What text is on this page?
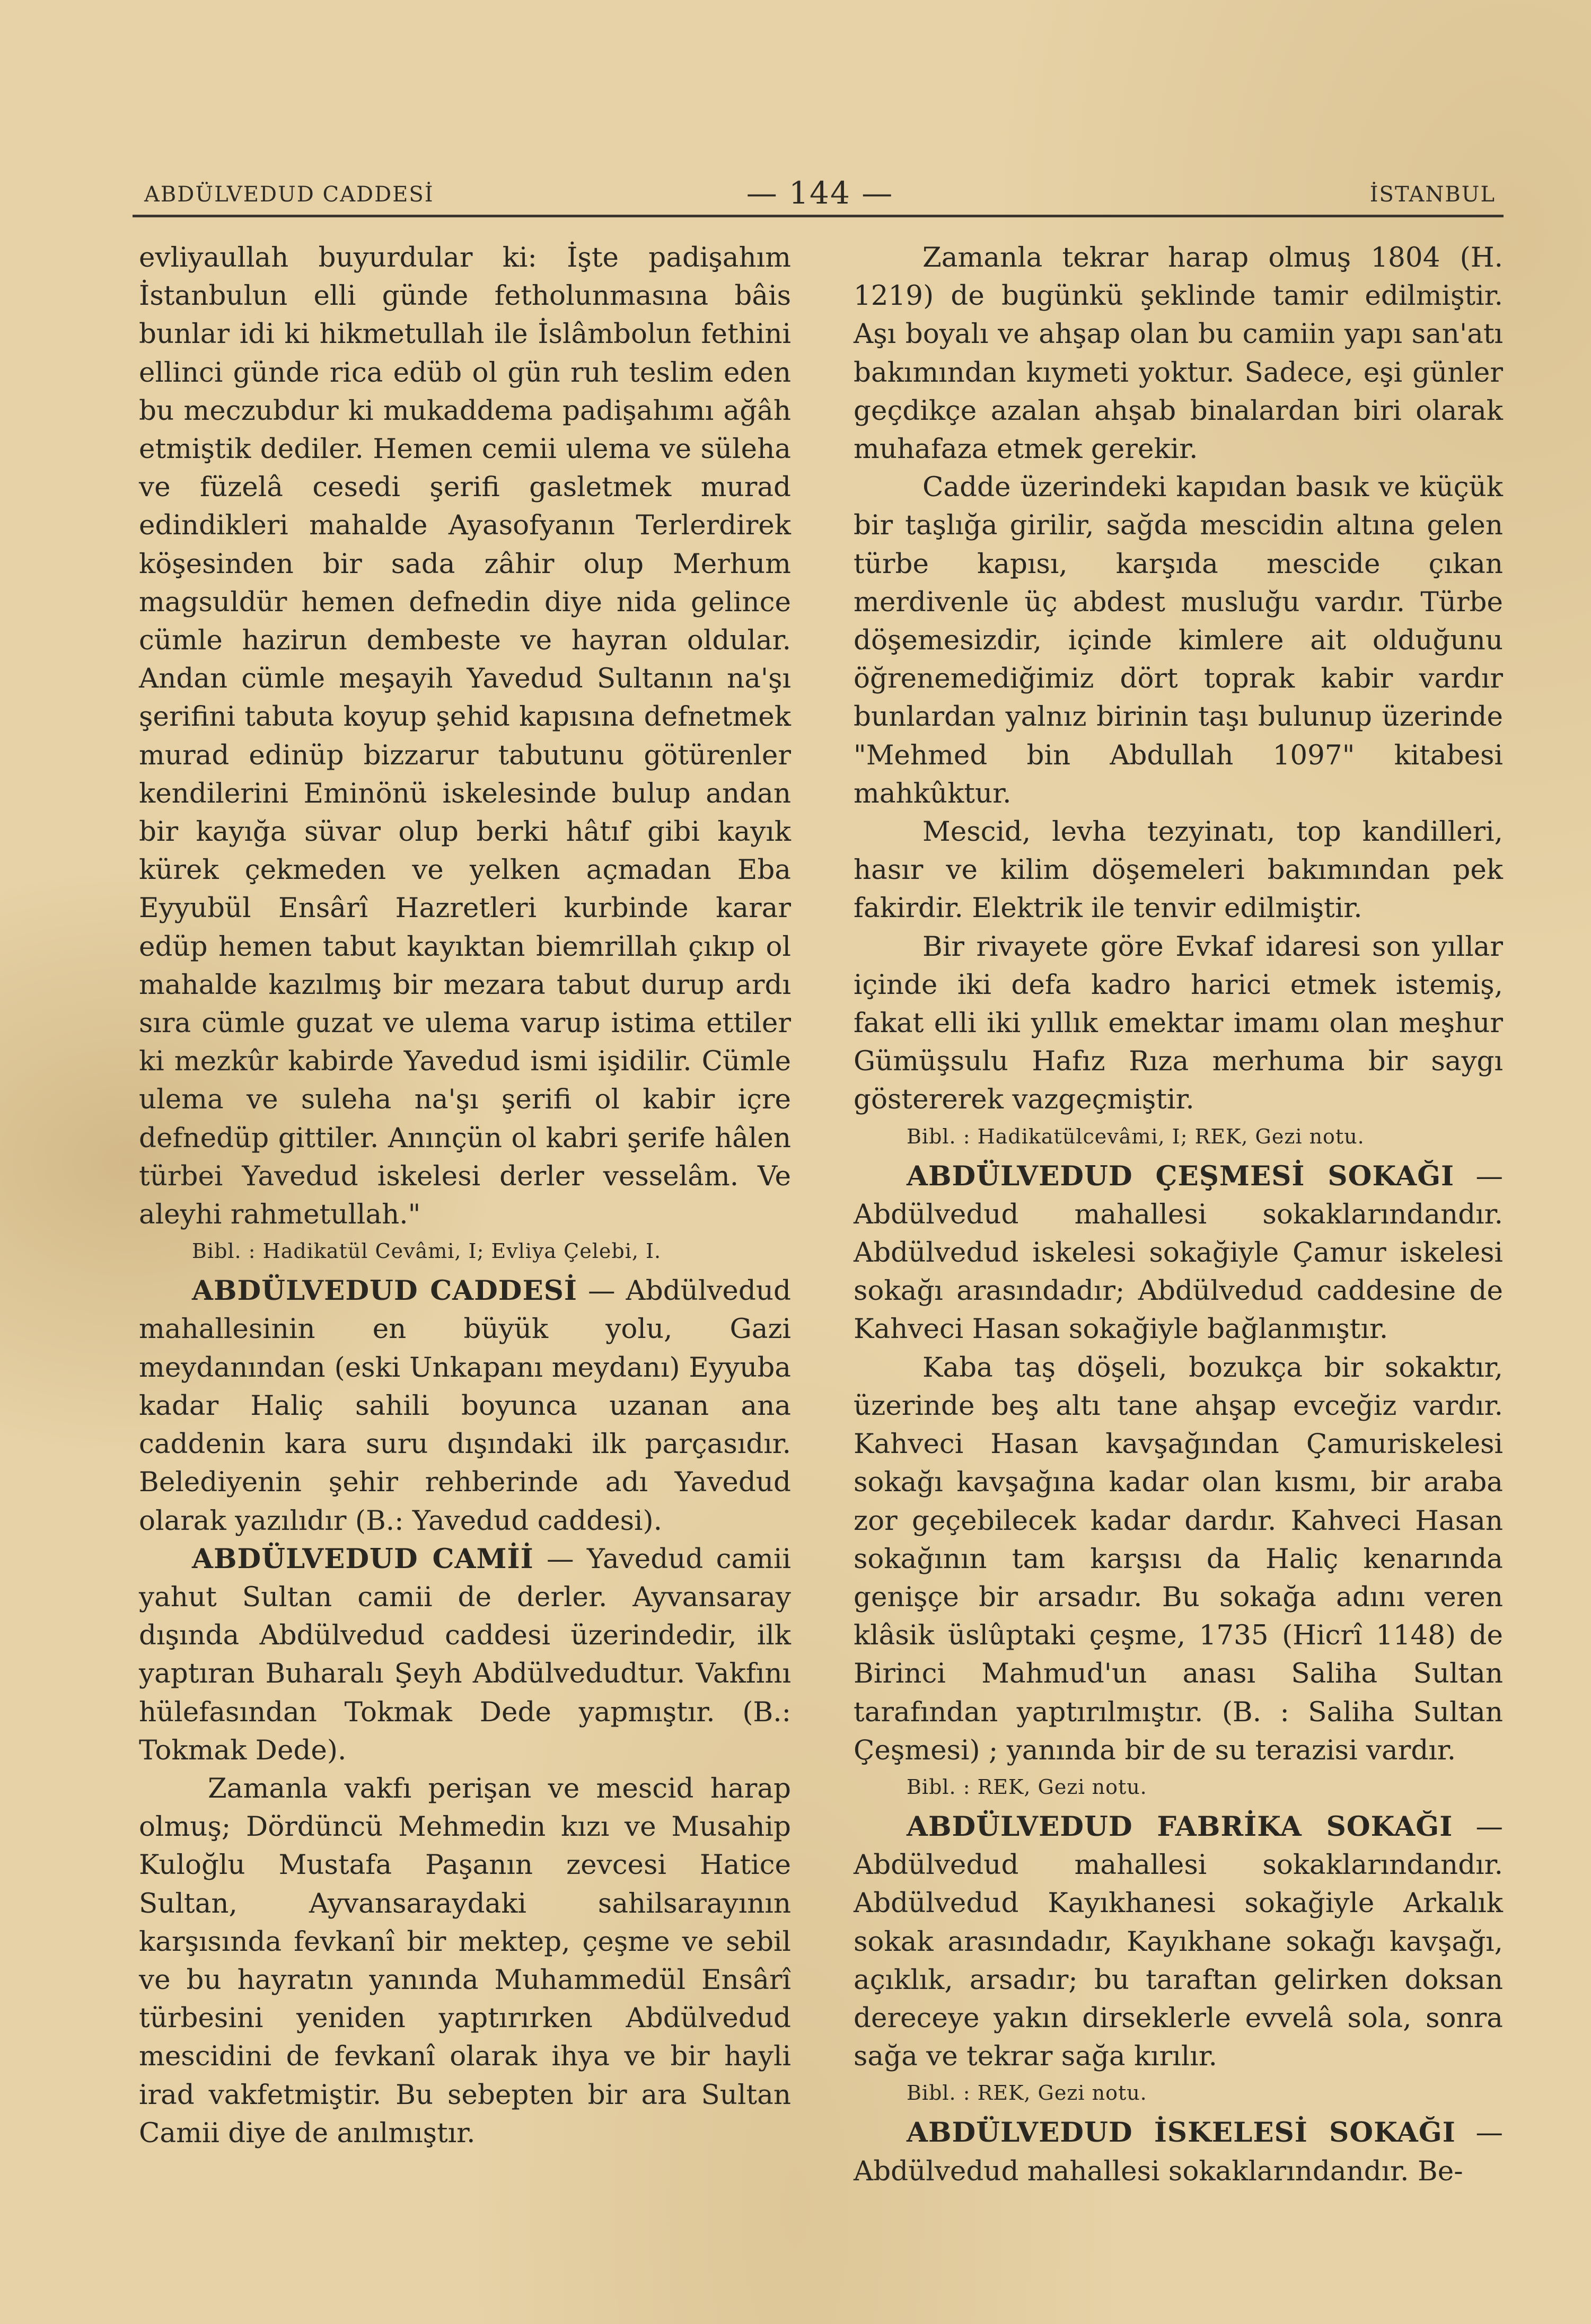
ABDÜLVEDUD CADDESİ	— 144 —	İSTANBUL

evliyaullah buyurdular ki: İşte padişahım İstanbulun elli günde fetholunmasına bâis bunlar idi ki hikmetullah ile İslâmbolun fethini ellinci günde rica edüb ol gün ruh teslim eden bu meczubdur ki mukaddema padişahımı ağâh etmiştik dediler. Hemen cemii ulema ve süleha ve füzelâ cesedi şerifi gasletmek murad edindikleri mahalde Ayasofyanın Terlerdirek köşesinden bir sada zâhir olup Merhum magsuldür hemen defnedin diye nida gelince cümle hazirun dembeste ve hayran oldular. Andan cümle meşayih Yavedud Sultanın na'şı şerifini tabuta koyup şehid kapısına defnetmek murad edinüp bizzarur tabutunu götürenler kendilerini Eminönü iskelesinde bulup andan bir kayığa süvar olup berki hâtıf gibi kayık kürek çekmeden ve yelken açmadan Eba Eyyubül Ensârî Hazretleri kurbinde karar edüp hemen tabut kayıktan biemrillah çıkıp ol mahalde kazılmış bir mezara tabut durup ardı sıra cümle guzat ve ulema varup istima ettiler ki mezkûr kabirde Yavedud ismi işidilir. Cümle ulema ve suleha na'şı şerifi ol kabir içre defnedüp gittiler. Anınçün ol kabri şerife hâlen türbei Yavedud iskelesi derler vesselâm. Ve aleyhi rahmetullah."

Bibl. : Hadikatül Cevâmi, I; Evliya Çelebi, I.

ABDÜLVEDUD CADDESİ — Abdülvedud mahallesinin en büyük yolu, Gazi meydanından (eski Unkapanı meydanı) Eyyuba kadar Haliç sahili boyunca uzanan ana caddenin kara suru dışındaki ilk parçasıdır. Belediyenin şehir rehberinde adı Yavedud olarak yazılıdır (B.: Yavedud caddesi).

ABDÜLVEDUD CAMİİ — Yavedud camii yahut Sultan camii de derler. Ayvansaray dışında Abdülvedud caddesi üzerindedir, ilk yaptıran Buharalı Şeyh Abdülvedudtur. Vakfını hülefasından Tokmak Dede yapmıştır. (B.: Tokmak Dede).

Zamanla vakfı perişan ve mescid harap olmuş; Dördüncü Mehmedin kızı ve Musahip Kuloğlu Mustafa Paşanın zevcesi Hatice Sultan, Ayvansaraydaki sahilsarayının karşısında fevkanî bir mektep, çeşme ve sebil ve bu hayratın yanında Muhammedül Ensârî türbesini yeniden yaptırırken Abdülvedud mescidini de fevkanî olarak ihya ve bir hayli irad vakfetmiştir. Bu sebepten bir ara Sultan Camii diye de anılmıştır.

Zamanla tekrar harap olmuş 1804 (H. 1219) de bugünkü şeklinde tamir edilmiştir. Aşı boyalı ve ahşap olan bu camiin yapı san'atı bakımından kıymeti yoktur. Sadece, eşi günler geçdikçe azalan ahşab binalardan biri olarak muhafaza etmek gerekir.

Cadde üzerindeki kapıdan basık ve küçük bir taşlığa girilir, sağda mescidin altına gelen türbe kapısı, karşıda mescide çıkan merdivenle üç abdest musluğu vardır. Türbe döşemesizdir, içinde kimlere ait olduğunu öğrenemediğimiz dört toprak kabir vardır bunlardan yalnız birinin taşı bulunup üzerinde "Mehmed bin Abdullah 1097" kitabesi mahkûktur.

Mescid, levha tezyinatı, top kandilleri, hasır ve kilim döşemeleri bakımından pek fakirdir. Elektrik ile tenvir edilmiştir.

Bir rivayete göre Evkaf idaresi son yıllar içinde iki defa kadro harici etmek istemiş, fakat elli iki yıllık emektar imamı olan meşhur Gümüşsulu Hafız Rıza merhuma bir saygı göstererek vazgeçmiştir.

Bibl. : Hadikatülcevâmi, I; REK, Gezi notu.

ABDÜLVEDUD ÇEŞMESİ SOKAĞI — Abdülvedud mahallesi sokaklarındandır. Abdülvedud iskelesi sokağiyle Çamur iskelesi sokağı arasındadır; Abdülvedud caddesine de Kahveci Hasan sokağiyle bağlanmıştır.

Kaba taş döşeli, bozukça bir sokaktır, üzerinde beş altı tane ahşap evceğiz vardır. Kahveci Hasan kavşağından Çamuriskelesi sokağı kavşağına kadar olan kısmı, bir araba zor geçebilecek kadar dardır. Kahveci Hasan sokağının tam karşısı da Haliç kenarında genişçe bir arsadır. Bu sokağa adını veren klâsik üslûptaki çeşme, 1735 (Hicrî 1148) de Birinci Mahmud'un anası Saliha Sultan tarafından yaptırılmıştır. (B. : Saliha Sultan Çeşmesi) ; yanında bir de su terazisi vardır.

Bibl. : REK, Gezi notu.

ABDÜLVEDUD FABRİKA SOKAĞI — Abdülvedud mahallesi sokaklarındandır. Abdülvedud Kayıkhanesi sokağiyle Arkalık sokak arasındadır, Kayıkhane sokağı kavşağı, açıklık, arsadır; bu taraftan gelirken doksan dereceye yakın dirseklerle evvelâ sola, sonra sağa ve tekrar sağa kırılır.

Bibl. : REK, Gezi notu.

ABDÜLVEDUD İSKELESİ SOKAĞI — Abdülvedud mahallesi sokaklarındandır. Be-
